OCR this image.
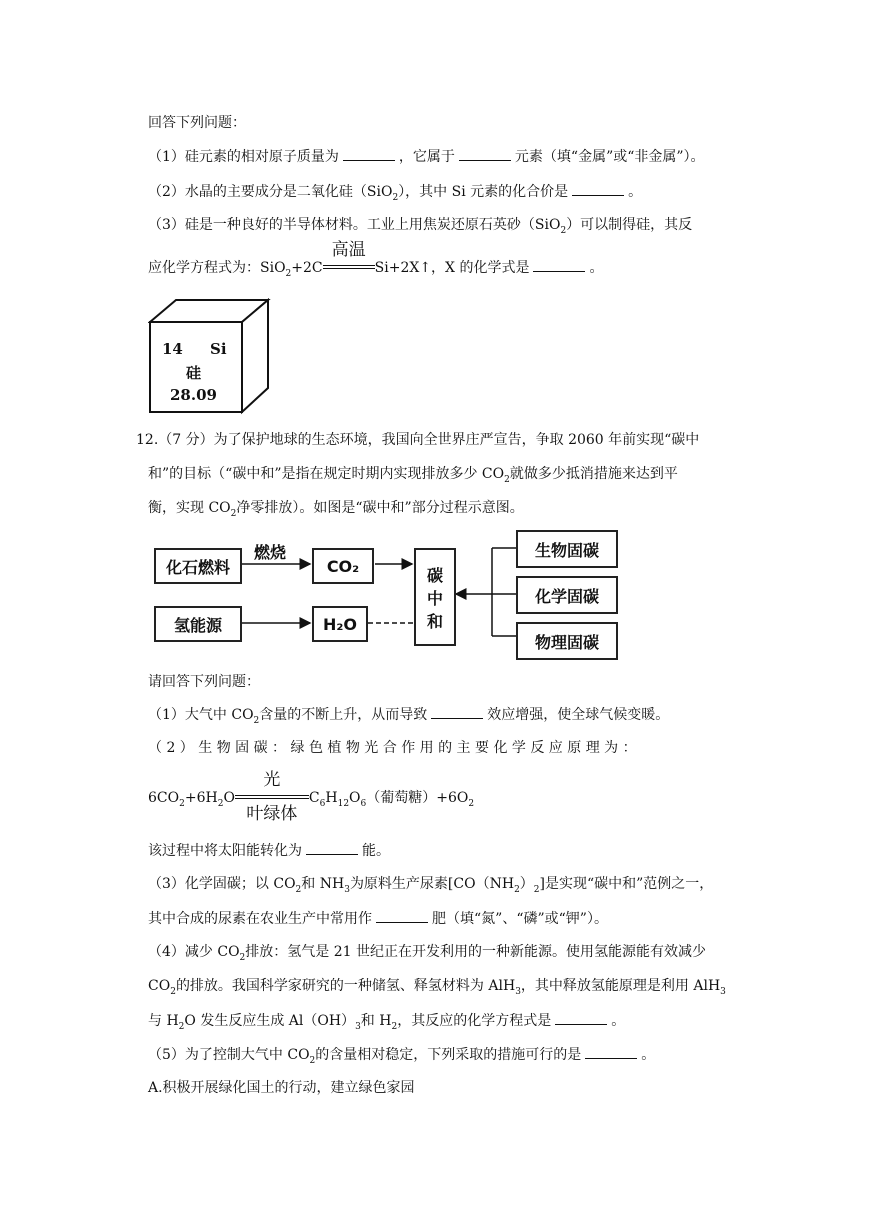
回答下列问题：
（1）硅元素的相对原子质量为	，它属于	元素（填“金属”或“非金属”）。
（2）水晶的主要成分是二氧化硅（SiO$_2$），其中 Si 元素的化合价是	。
（3）硅是一种良好的半导体材料。工业上用焦炭还原石英砂（SiO$_2$）可以制得硅，其反
应化学方程式为：SiO$_2$+2C
高温
Si+2X↑，X 的化学式是	。
14 Si
硅
28.09
12.（7 分）为了保护地球的生态环境，我国向全世界庄严宣告，争取 2060 年前实现“碳中
和”的目标（“碳中和”是指在规定时期内实现排放多少 $CO_2$就做多少抵消措施来达到平
衡，实现 $CO_2$净零排放）。如图是“碳中和”部分过程示意图。
化石燃料
燃烧
CO₂
氢能源	H₂O
碳
中
和
生物固碳
化学固碳
物理固碳
请回答下列问题：
（1）大气中 $CO_2$含量的不断上升，从而导致	效应增强，使全球气候变暖。
（ 2 ） 生 物 固 碳 ： 绿 色 植 物 光 合 作 用 的 主 要 化 学 反 应 原 理 为 ：
$6CO_2+6H_2O$
光
叶绿体
$C_6H_{12}O_6$（葡萄糖）$+6O_2$
该过程中将太阳能转化为	能。
（3）化学固碳；以 $CO_2$和 $NH_3$为原料生产尿素$[CO(NH_2)_2]$是实现“碳中和”范例之一，
其中合成的尿素在农业生产中常用作	肥（填“氮”、“磷”或“钾”）。
（4）减少 $CO_2$排放：氢气是 21 世纪正在开发利用的一种新能源。使用氢能源能有效减少
$CO_2$的排放。我国科学家研究的一种储氢、释氢材料为 AlH$_3$，其中释放氢能原理是利用 AlH$_3$
与 $H_2O$ 发生反应生成 $Al(OH)_3$和 $H_2$，其反应的化学方程式是	。
（5）为了控制大气中 $CO_2$的含量相对稳定，下列采取的措施可行的是	。
A.积极开展绿化国土的行动，建立绿色家园
